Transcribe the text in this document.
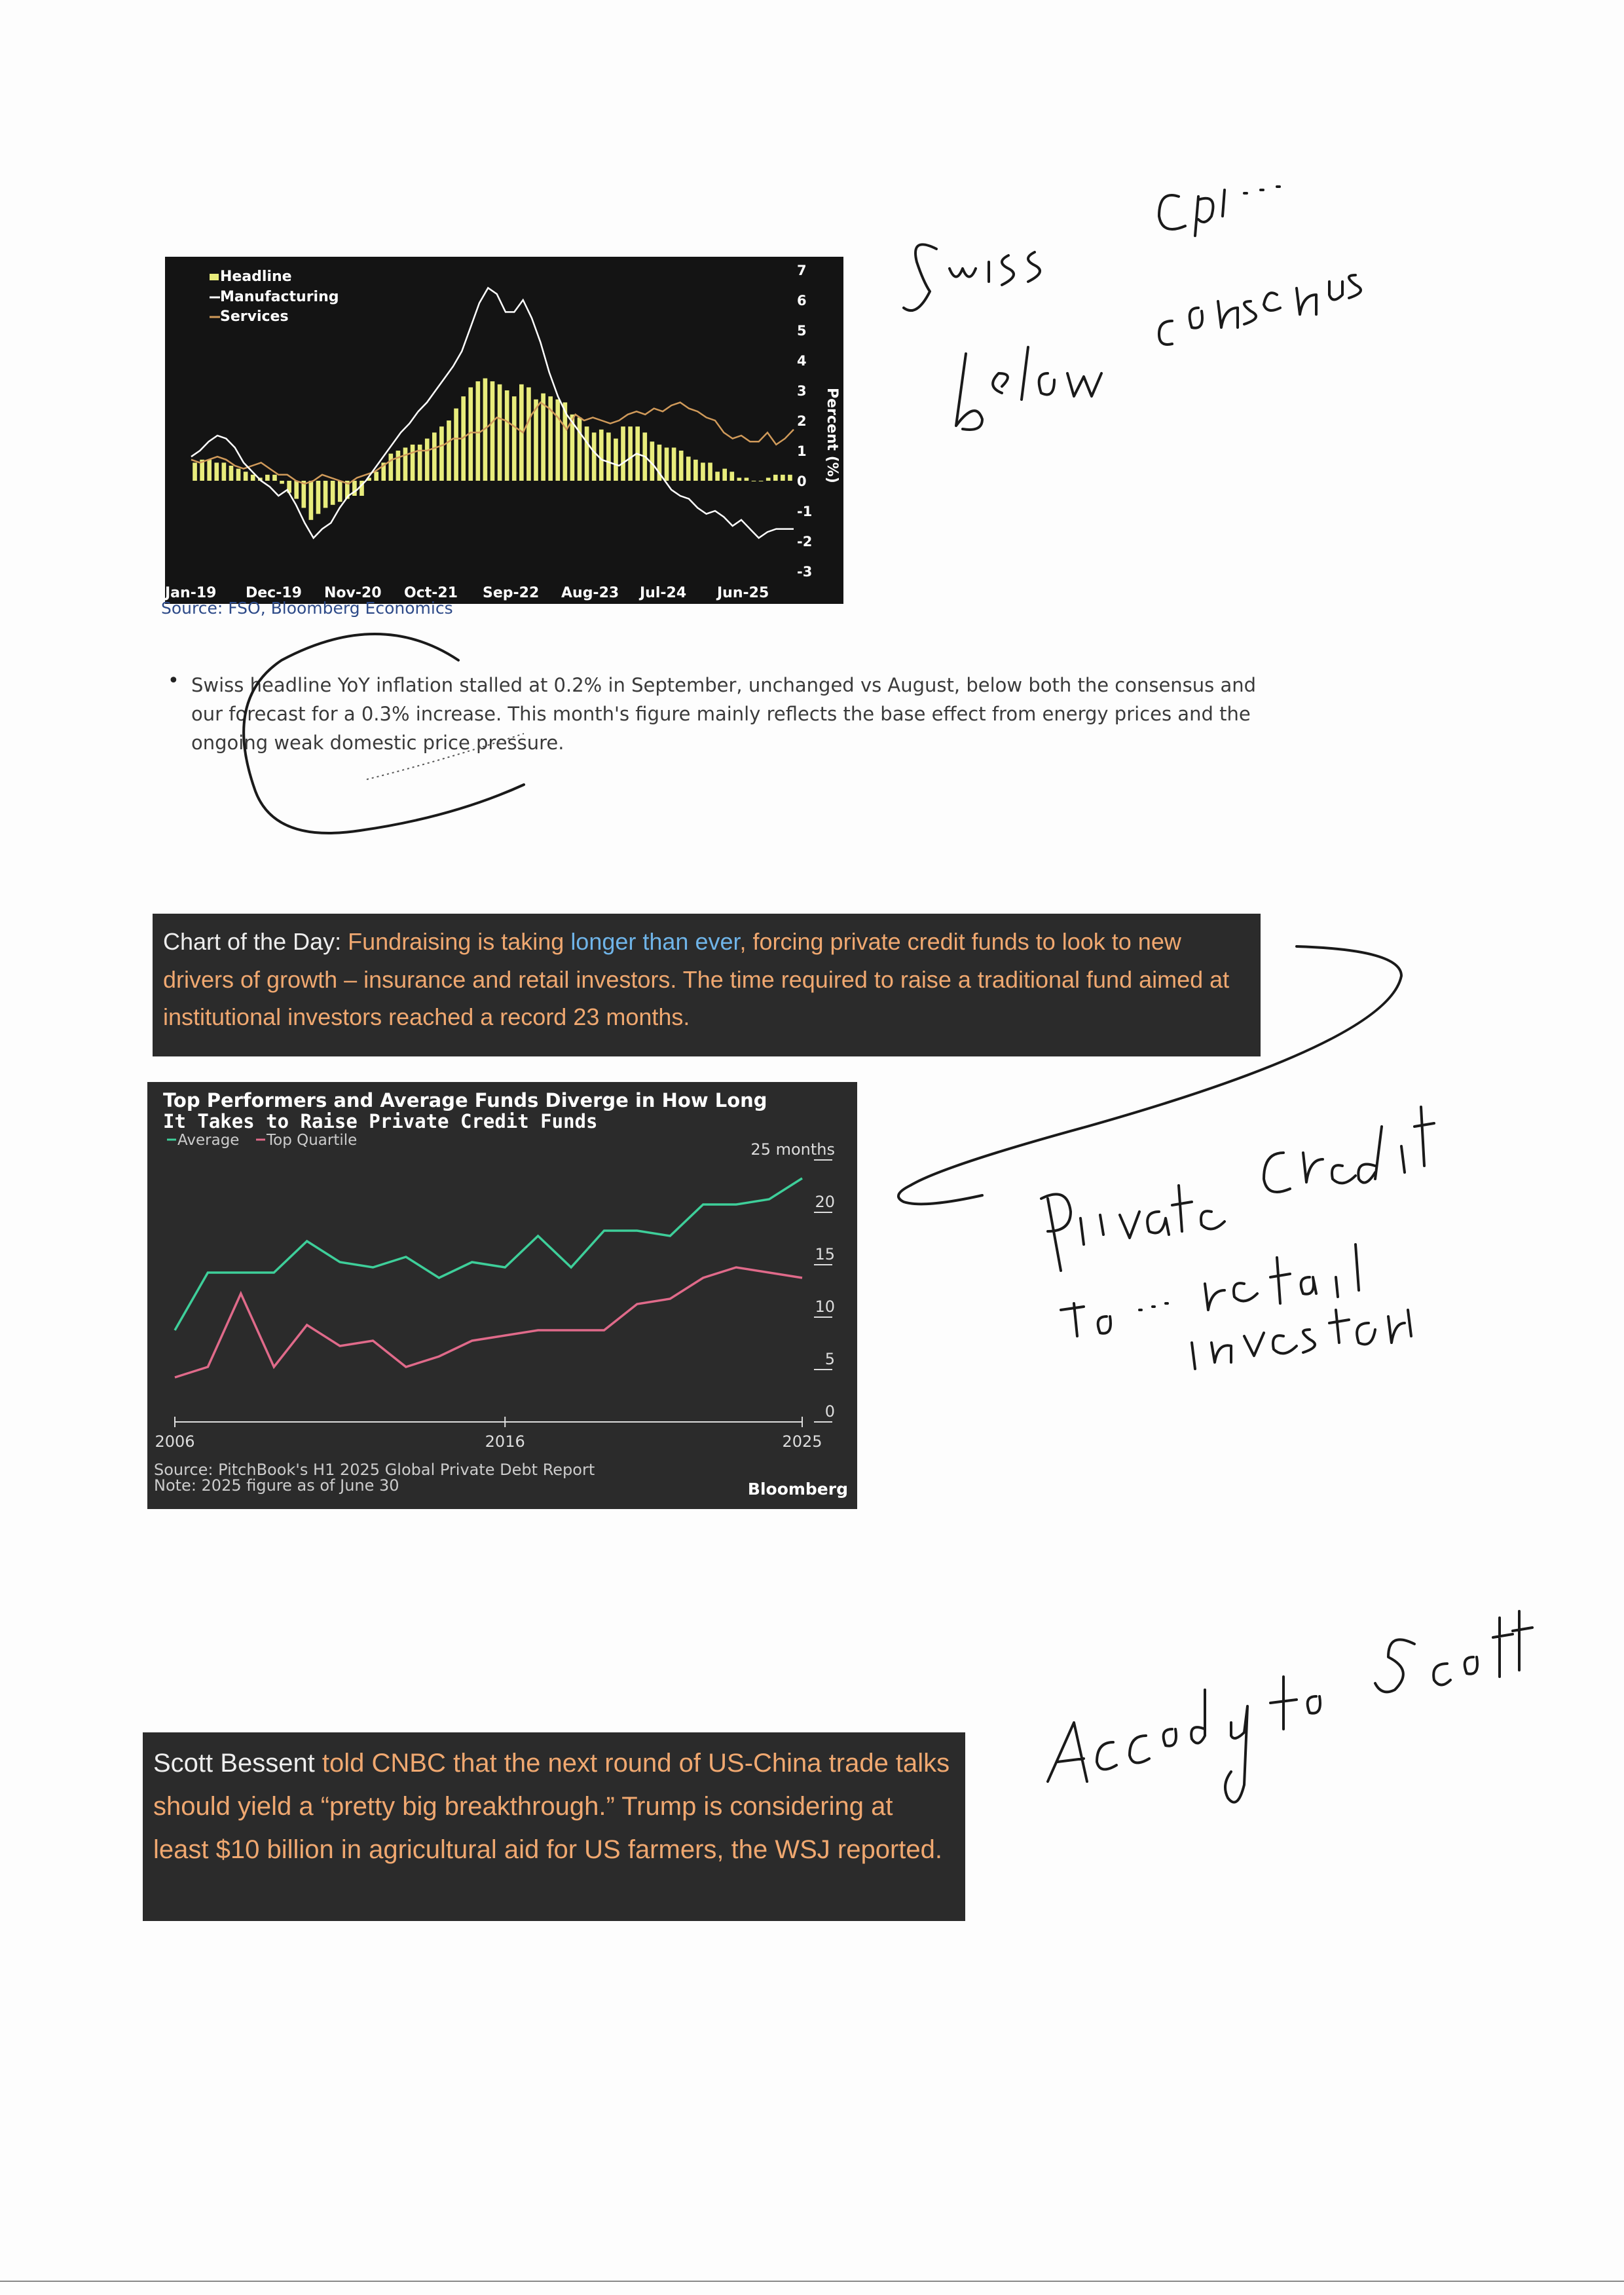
Headline
Manufacturing
Services
7
6
5
4
3
2
1
0
-1
-2
-3
Jan-19 Dec-19 Nov-20 Oct-21 Sep-22 Aug-23 Jul-24 Jun-25
Percent (%)
Source: FSO, Bloomberg Economics
• Swiss headline YoY inflation stalled at 0.2% in September, unchanged vs August, below both the consensus and our forecast for a 0.3% increase. This month's figure mainly reflects the base effect from energy prices and the ongoing weak domestic price pressure.
Chart of the Day: Fundraising is taking longer than ever, forcing private credit funds to look to new drivers of growth – insurance and retail investors. The time required to raise a traditional fund aimed at institutional investors reached a record 23 months.
Top Performers and Average Funds Diverge in How Long
It Takes to Raise Private Credit Funds
Average Top Quartile	25 months
20
15
10
5
0
2006	2016	2025
Source: PitchBook's H1 2025 Global Private Debt Report
Note: 2025 figure as of June 30	Bloomberg
Scott Bessent told CNBC that the next round of US-China trade talks should yield a “pretty big breakthrough.” Trump is considering at least $10 billion in agricultural aid for US farmers, the WSJ reported.
